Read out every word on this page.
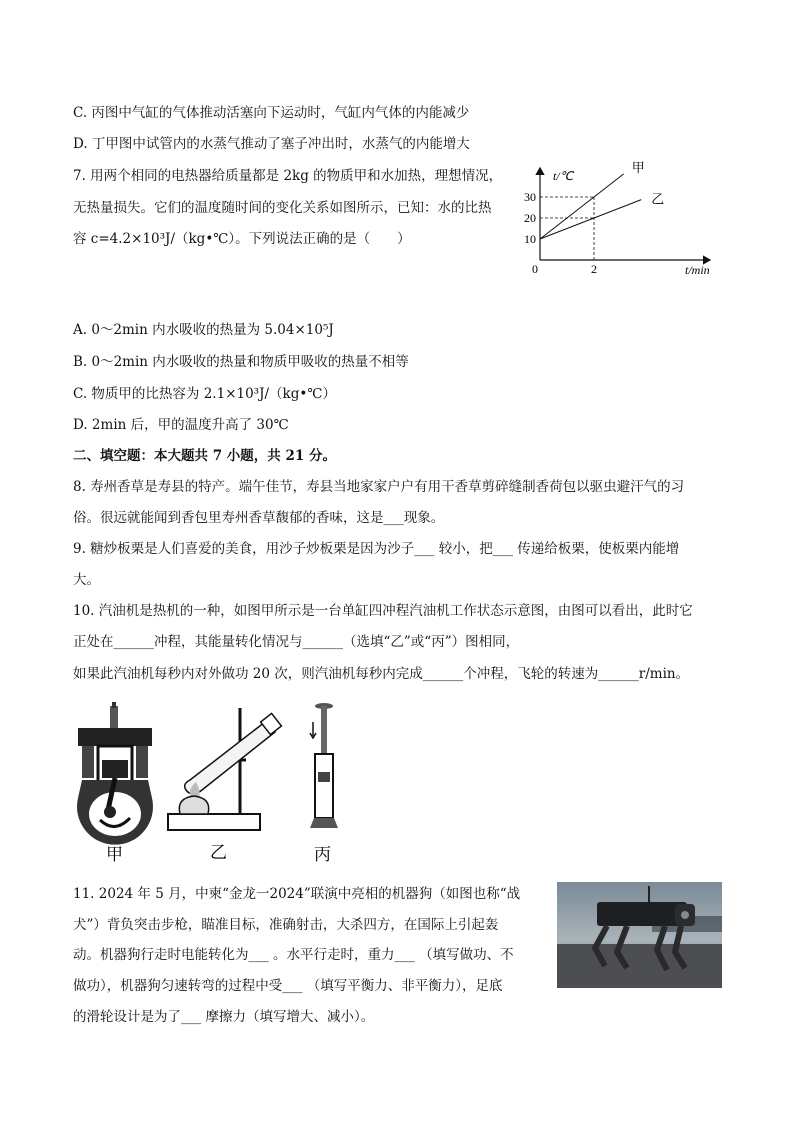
C. 丙图中气缸的气体推动活塞向下运动时，气缸内气体的内能减少
D. 丁甲图中试管内的水蒸气推动了塞子冲出时，水蒸气的内能增大
7. 用两个相同的电热器给质量都是 2kg 的物质甲和水加热，理想情况，
无热量损失。它们的温度随时间的变化关系如图所示，已知：水的比热
容 c=4.2×10³J/（kg•℃）。下列说法正确的是（　　）
A. 0～2min 内水吸收的热量为 5.04×10⁵J
B. 0～2min 内水吸收的热量和物质甲吸收的热量不相等
C. 物质甲的比热容为 2.1×10³J/（kg•℃）
D. 2min 后，甲的温度升高了 30℃
二、填空题：本大题共 7 小题，共 21 分。
8. 寿州香草是寿县的特产。端午佳节，寿县当地家家户户有用干香草剪碎缝制香荷包以驱虫避汗气的习
俗。很远就能闻到香包里寿州香草馥郁的香味，这是___现象。
9. 糖炒板栗是人们喜爱的美食，用沙子炒板栗是因为沙子___ 较小，把___ 传递给板栗，使板栗内能增
大。
10. 汽油机是热机的一种，如图甲所示是一台单缸四冲程汽油机工作状态示意图，由图可以看出，此时它
正处在______冲程，其能量转化情况与______（选填“乙”或“丙”）图相同，
如果此汽油机每秒内对外做功 20 次，则汽油机每秒内完成______个冲程，飞轮的转速为______r/min。
11. 2024 年 5 月，中柬“金龙一2024”联演中亮相的机器狗（如图也称“战
犬”）背负突击步枪，瞄准目标，准确射击，大杀四方，在国际上引起轰
动。机器狗行走时电能转化为___ 。水平行走时，重力___ （填写做功、不
做功），机器狗匀速转弯的过程中受___ （填写平衡力、非平衡力），足底
的滑轮设计是为了___ 摩擦力（填写增大、减小）。
t/℃
t/min
0
10
20
30
2
甲
乙
甲	乙	丙
